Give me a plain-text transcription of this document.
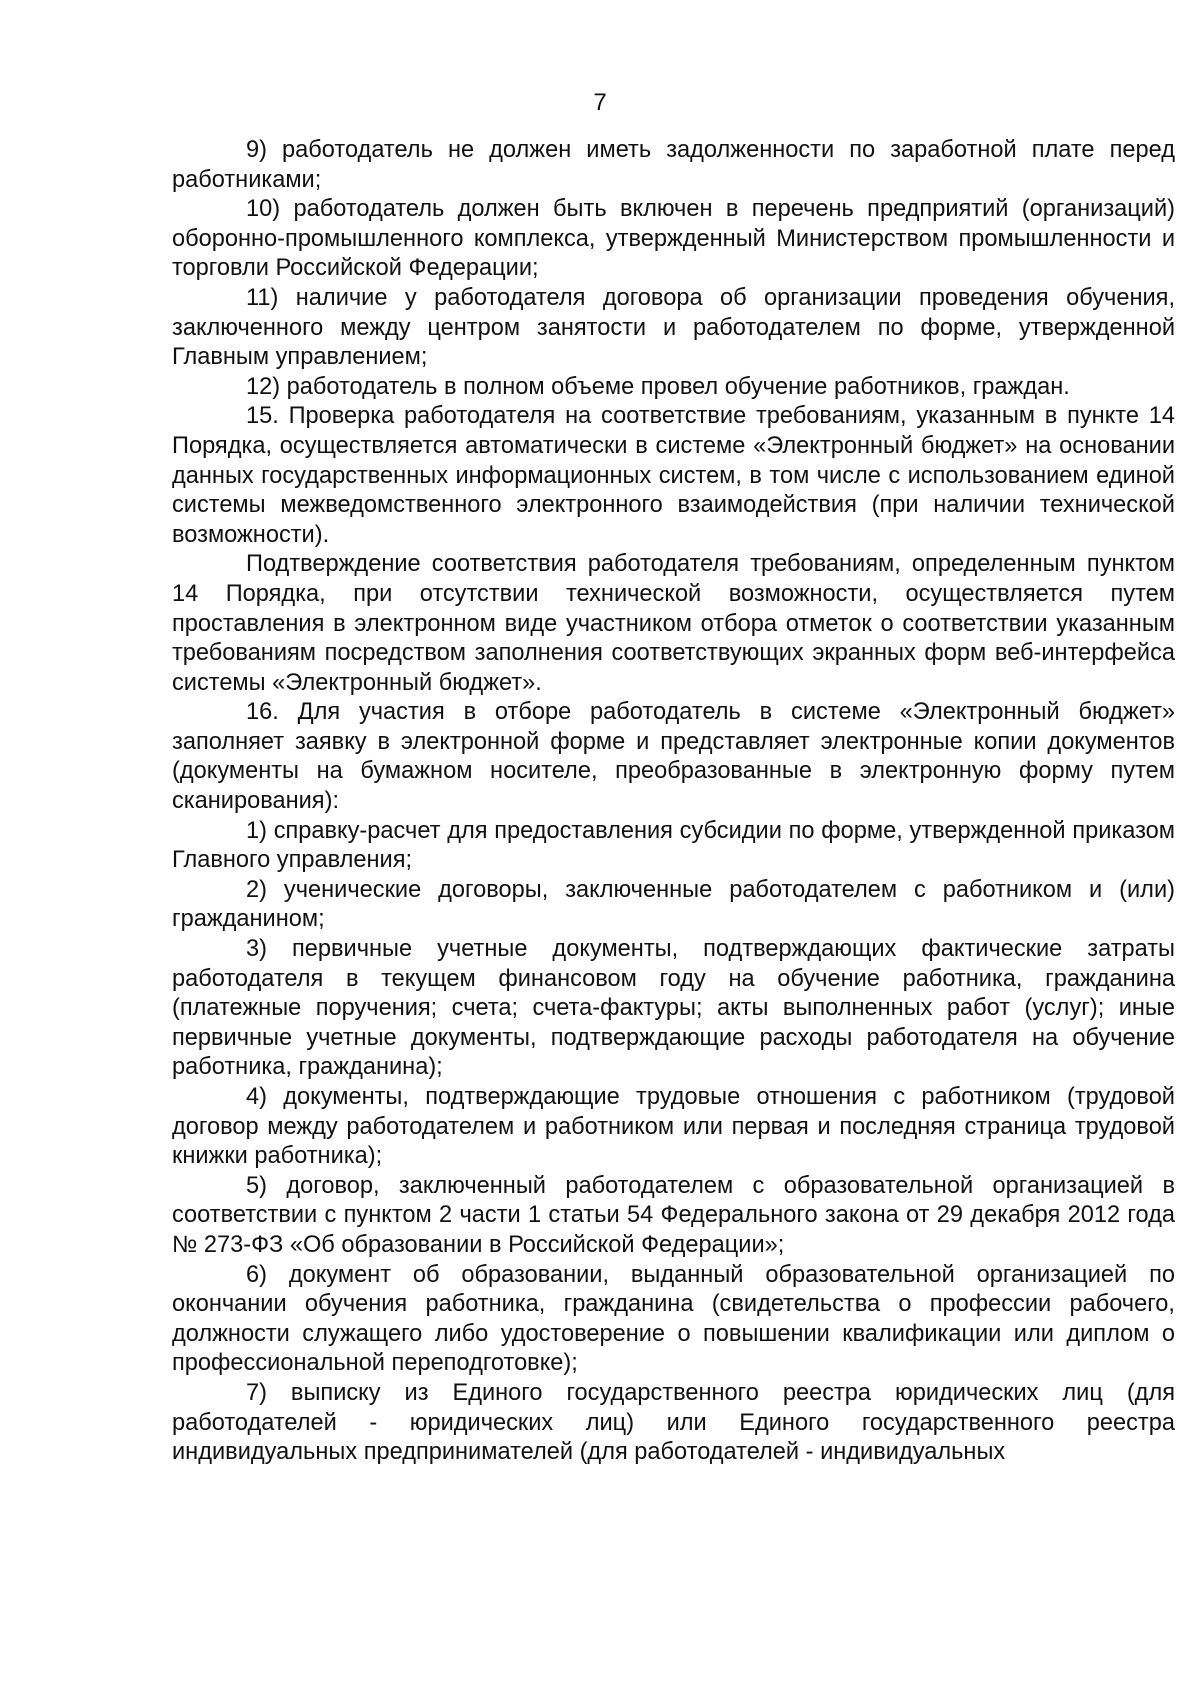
7

9) работодатель не должен иметь задолженности по заработной плате перед работниками;

10) работодатель должен быть включен в перечень предприятий (организаций) оборонно-промышленного комплекса, утвержденный Министерством промышленности и торговли Российской Федерации;

11) наличие у работодателя договора об организации проведения обучения, заключенного между центром занятости и работодателем по форме, утвержденной Главным управлением;

12) работодатель в полном объеме провел обучение работников, граждан.

15. Проверка работодателя на соответствие требованиям, указанным в пункте 14 Порядка, осуществляется автоматически в системе «Электронный бюджет» на основании данных государственных информационных систем, в том числе с использованием единой системы межведомственного электронного взаимодействия (при наличии технической возможности).

Подтверждение соответствия работодателя требованиям, определенным пунктом 14 Порядка, при отсутствии технической возможности, осуществляется путем проставления в электронном виде участником отбора отметок о соответствии указанным требованиям посредством заполнения соответствующих экранных форм веб-интерфейса системы «Электронный бюджет».

16. Для участия в отборе работодатель в системе «Электронный бюджет» заполняет заявку в электронной форме и представляет электронные копии документов (документы на бумажном носителе, преобразованные в электронную форму путем сканирования):

1) справку-расчет для предоставления субсидии по форме, утвержденной приказом Главного управления;

2) ученические договоры, заключенные работодателем с работником и (или) гражданином;

3) первичные учетные документы, подтверждающих фактические затраты работодателя в текущем финансовом году на обучение работника, гражданина (платежные поручения; счета; счета-фактуры; акты выполненных работ (услуг); иные первичные учетные документы, подтверждающие расходы работодателя на обучение работника, гражданина);

4) документы, подтверждающие трудовые отношения с работником (трудовой договор между работодателем и работником или первая и последняя страница трудовой книжки работника);

5) договор, заключенный работодателем с образовательной организацией в соответствии с пунктом 2 части 1 статьи 54 Федерального закона от 29 декабря 2012 года № 273-ФЗ «Об образовании в Российской Федерации»;

6) документ об образовании, выданный образовательной организацией по окончании обучения работника, гражданина (свидетельства о профессии рабочего, должности служащего либо удостоверение о повышении квалификации или диплом о профессиональной переподготовке);

7) выписку из Единого государственного реестра юридических лиц (для работодателей - юридических лиц) или Единого государственного реестра индивидуальных предпринимателей (для работодателей - индивидуальных
